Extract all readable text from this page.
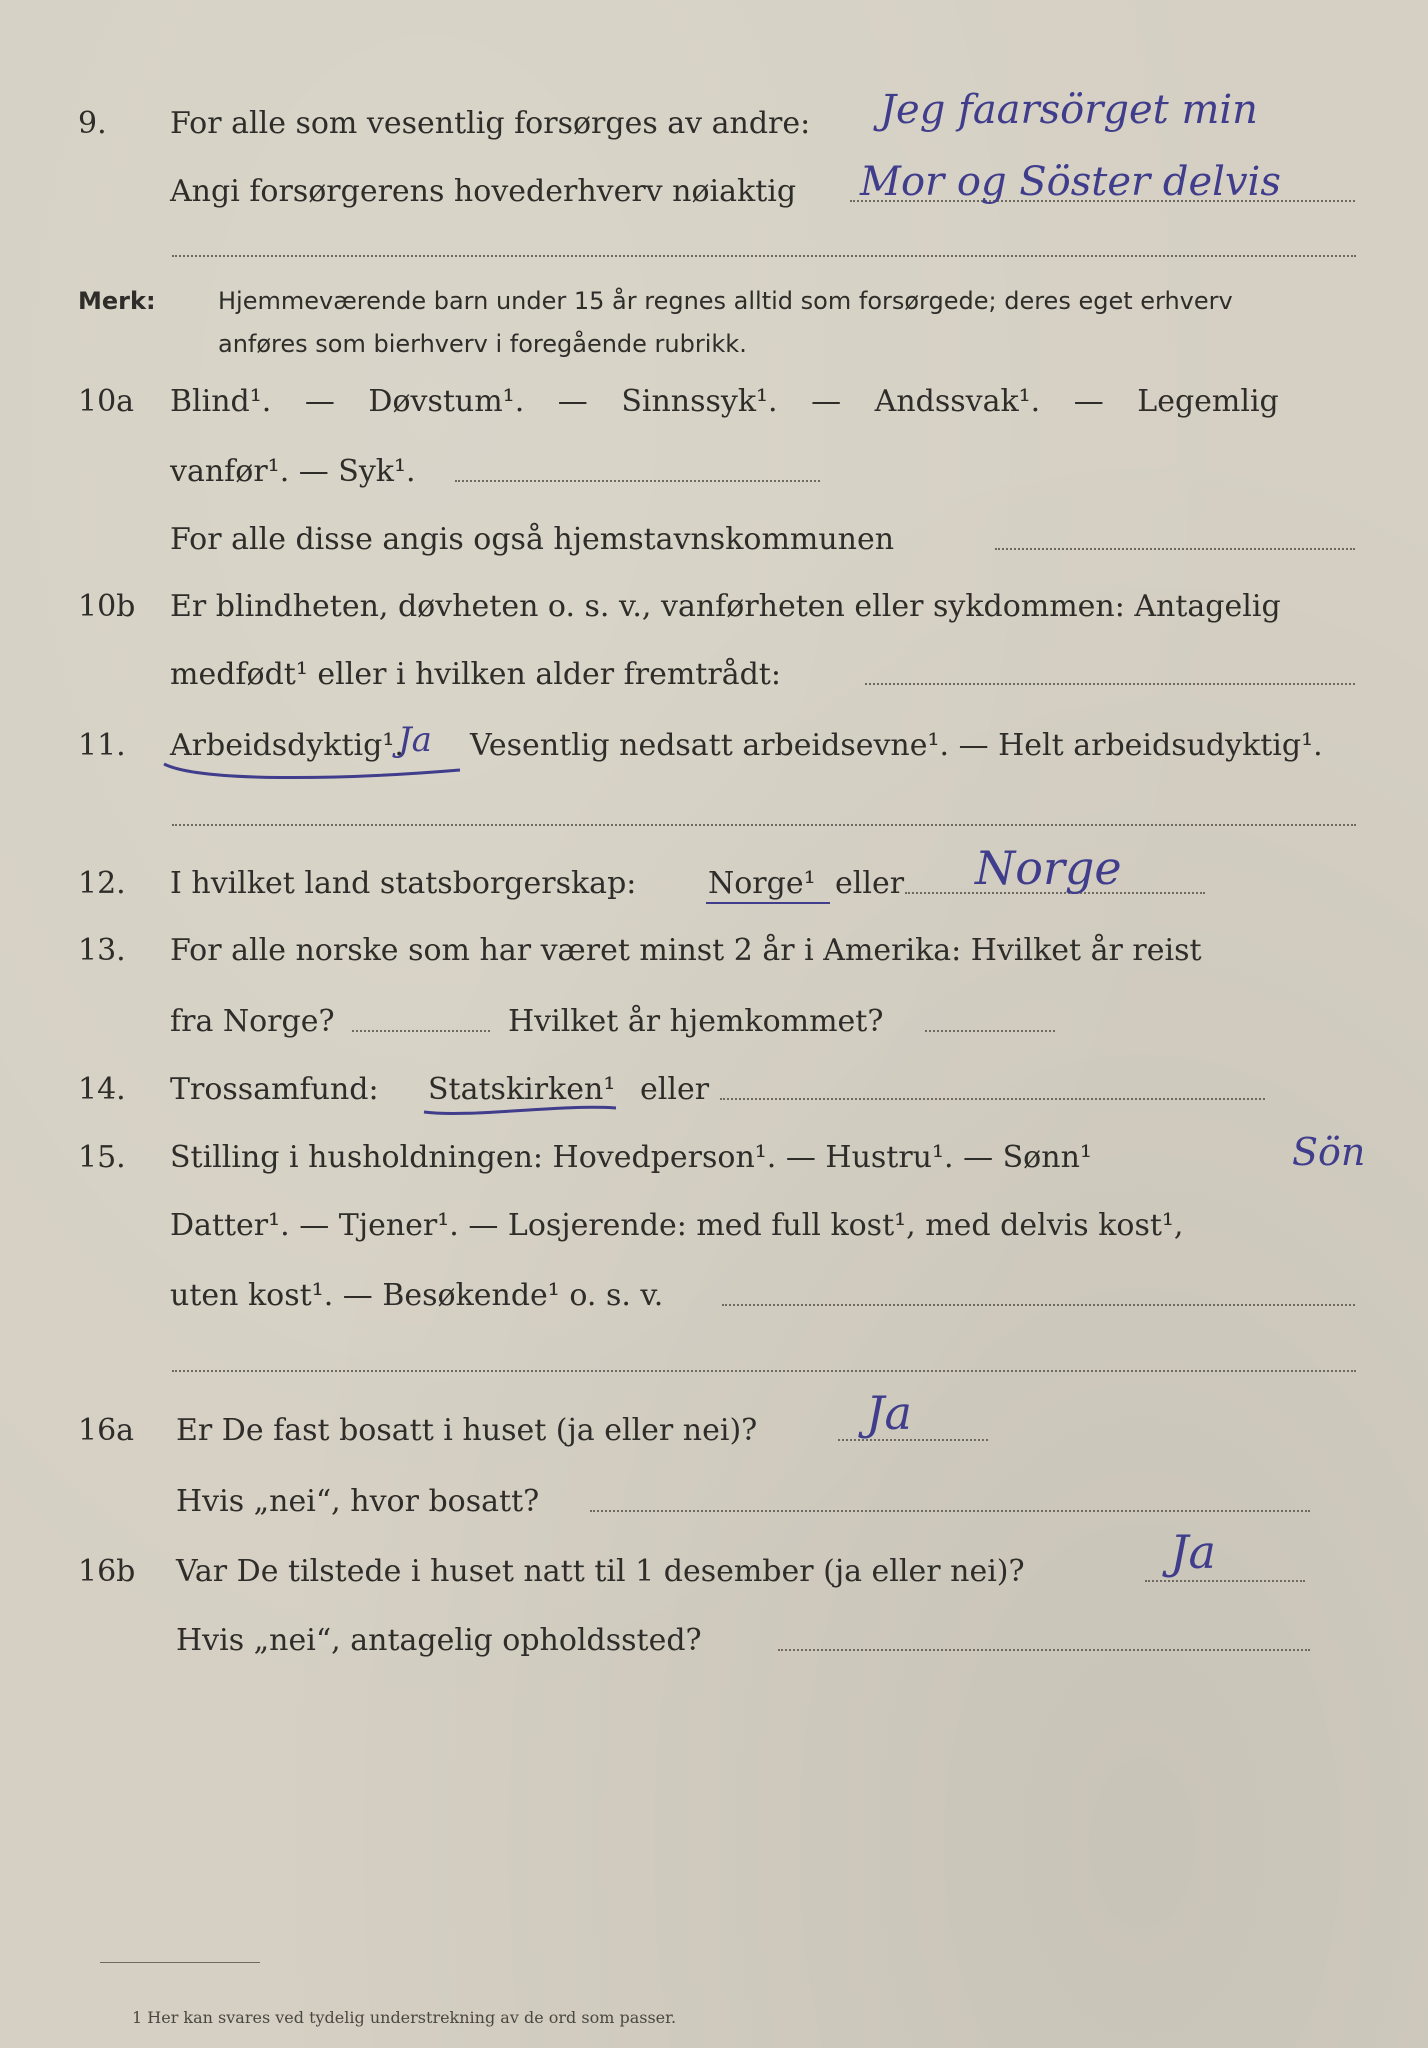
9. For alle som vesentlig forsørges av andre: Jeg faarsörget min
Angi forsørgerens hovederhverv nøiaktig Mor og Söster delvis
Merk:	Hjemmeværende barn under 15 år regnes alltid som forsørgede; deres eget erhverv
anføres som bierhverv i foregående rubrikk.
10a Blind¹. — Døvstum¹. — Sinnssyk¹. — Andssvak¹. — Legemlig
vanfør¹. — Syk¹.
For alle disse angis også hjemstavnskommunen
10b Er blindheten, døvheten o. s. v., vanførheten eller sykdommen: Antagelig
medfødt¹ eller i hvilken alder fremtrådt:
11. Arbeidsdyktig¹.
Ja Vesentlig nedsatt arbeidsevne¹. — Helt arbeidsudyktig¹.
12. I hvilket land statsborgerskap: Norge¹ eller Norge
13. For alle norske som har været minst 2 år i Amerika: Hvilket år reist
fra Norge?	Hvilket år hjemkommet?
14. Trossamfund: Statskirken¹ eller
15. Stilling i husholdningen: Hovedperson¹. — Hustru¹. — Sønn¹	Sön
Datter¹. — Tjener¹. — Losjerende: med full kost¹, med delvis kost¹,
uten kost¹. — Besøkende¹ o. s. v.
16a Er De fast bosatt i huset (ja eller nei)? Ja
Hvis „nei“, hvor bosatt?
16b Var De tilstede i huset natt til 1 desember (ja eller nei)?	Ja
Hvis „nei“, antagelig opholdssted?
1 Her kan svares ved tydelig understrekning av de ord som passer.
